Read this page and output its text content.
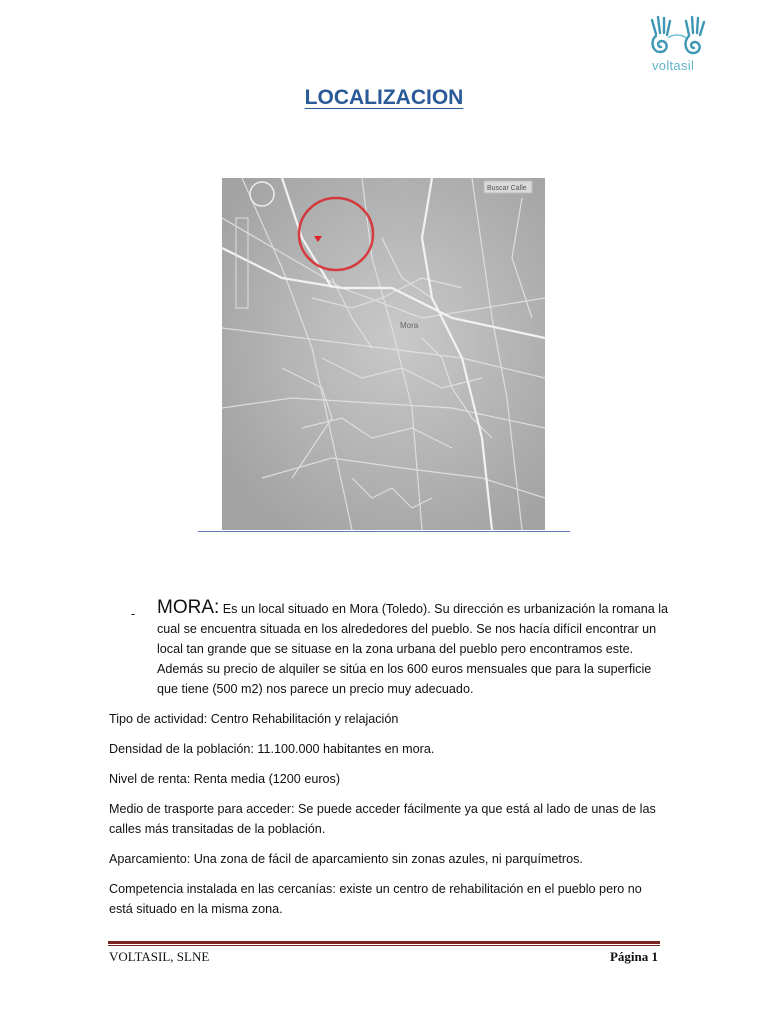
voltasil
LOCALIZACION
Buscar Calle
Mora
- MORA: Es un local situado en Mora (Toledo). Su dirección es urbanización la romana la cual se encuentra situada en los alrededores del pueblo. Se nos hacía difícil encontrar un local tan grande que se situase en la zona urbana del pueblo pero encontramos este. Además su precio de alquiler se sitúa en los 600 euros mensuales que para la superficie que tiene (500 m2) nos parece un precio muy adecuado.
Tipo de actividad: Centro Rehabilitación y relajación
Densidad de la población: 11.100.000 habitantes en mora.
Nivel de renta: Renta media (1200 euros)
Medio de trasporte para acceder: Se puede acceder fácilmente ya que está al lado de unas de las calles más transitadas de la población.
Aparcamiento: Una zona de fácil de aparcamiento sin zonas azules, ni parquímetros.
Competencia instalada en las cercanías: existe un centro de rehabilitación en el pueblo pero no está situado en la misma zona.
VOLTASIL, SLNE	Página 1
